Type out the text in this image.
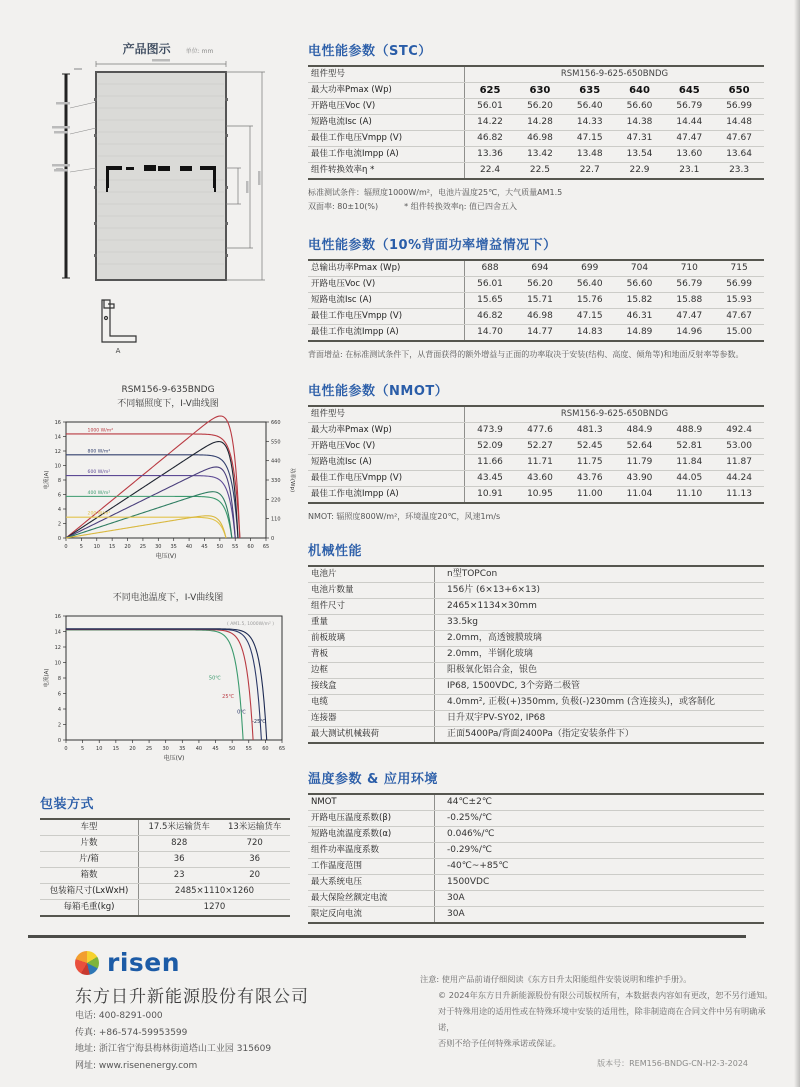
产品图示	单位: mm
A
RSM156-9-635BNDG
不同辐照度下，I-V曲线图
0 5 10 15 20 25 30 35 40 45 50 55 60 65
0
2
4
6
8
10
12
14
16
0
110
220
330
440
550
660
电流(A)	功率(Wp)
电压(V)
1000 W/m²
800 W/m²
600 W/m²
400 W/m²
200 W/m²
不同电池温度下，I-V曲线图
0	5 10 15 20 25 30 35 40 45 50 55 60 65
0
2
4
6
8
10
12
14
16
电流(A)
电压(V)
( AM1.5, 1000W/m² )
50℃
25℃
0℃
-25℃
包装方式
车型	17.5米运输货车	13米运输货车
片数	828	720
片/箱	36	36
箱数	23	20
包装箱尺寸(LxWxH)	2485×1110×1260	
每箱毛重(kg)	1270	
电性能参数（STC）
组件型号	RSM156-9-625-650BNDG					
最大功率Pmax (Wp)	625	630	635	640	645	650
开路电压Voc (V)	56.01	56.20	56.40	56.60	56.79	56.99
短路电流Isc (A)	14.22	14.28	14.33	14.38	14.44	14.48
最佳工作电压Vmpp (V)	46.82	46.98	47.15	47.31	47.47	47.67
最佳工作电流Impp (A)	13.36	13.42	13.48	13.54	13.60	13.64
组件转换效率η *	22.4	22.5	22.7	22.9	23.1	23.3
标准测试条件：辐照度1000W/m²，电池片温度25℃，大气质量AM1.5
双面率: 80±10(%)	* 组件转换效率η: 值已四舍五入
电性能参数（10%背面功率增益情况下）
总输出功率Pmax (Wp)	688	694	699	704	710	715
开路电压Voc (V)	56.01	56.20	56.40	56.60	56.79	56.99
短路电流Isc (A)	15.65	15.71	15.76	15.82	15.88	15.93
最佳工作电压Vmpp (V)	46.82	46.98	47.15	46.31	47.47	47.67
最佳工作电流Impp (A)	14.70	14.77	14.83	14.89	14.96	15.00
背面增益: 在标准测试条件下，从背面获得的额外增益与正面的功率取决于安装(结构、高度、倾角等)和地面反射率等参数。
电性能参数（NMOT）
组件型号	RSM156-9-625-650BNDG					
最大功率Pmax (Wp)	473.9	477.6	481.3	484.9	488.9	492.4
开路电压Voc (V)	52.09	52.27	52.45	52.64	52.81	53.00
短路电流Isc (A)	11.66	11.71	11.75	11.79	11.84	11.87
最佳工作电压Vmpp (V)	43.45	43.60	43.76	43.90	44.05	44.24
最佳工作电流Impp (A)	10.91	10.95	11.00	11.04	11.10	11.13
NMOT: 辐照度800W/m²，环境温度20℃，风速1m/s
机械性能
电池片	n型TOPCon
电池片数量	156片 (6×13+6×13)
组件尺寸	2465×1134×30mm
重量	33.5kg
前板玻璃	2.0mm，高透镀膜玻璃
背板	2.0mm，半钢化玻璃
边框	阳极氧化铝合金，银色
接线盒	IP68, 1500VDC, 3个旁路二极管
电缆	4.0mm², 正极(+)350mm, 负极(-)230mm (含连接头)，或客制化
连接器	日升双宇PV-SY02, IP68
最大测试机械载荷	正面5400Pa/背面2400Pa（指定安装条件下）
温度参数 & 应用环境
NMOT	44℃±2℃
开路电压温度系数(β)	-0.25%/℃
短路电流温度系数(α)	0.046%/℃
组件功率温度系数	-0.29%/℃
工作温度范围	-40℃~+85℃
最大系统电压	1500VDC
最大保险丝额定电流	30A
限定反向电流	30A
risen
东方日升新能源股份有限公司
电话: 400-8291-000
传真: +86-574-59953599
地址: 浙江省宁海县梅林街道塔山工业园 315609
网址: www.risenenergy.com
注意: 使用产品前请仔细阅读《东方日升太阳能组件安装说明和维护手册》。
© 2024年东方日升新能源股份有限公司版权所有，本数据表内容如有更改，恕不另行通知。
对于特殊用途的适用性或在特殊环境中安装的适用性，除非制造商在合同文件中另有明确承诺，
否则不给予任何特殊承诺或保证。
版本号：REM156-BNDG-CN-H2-3-2024
